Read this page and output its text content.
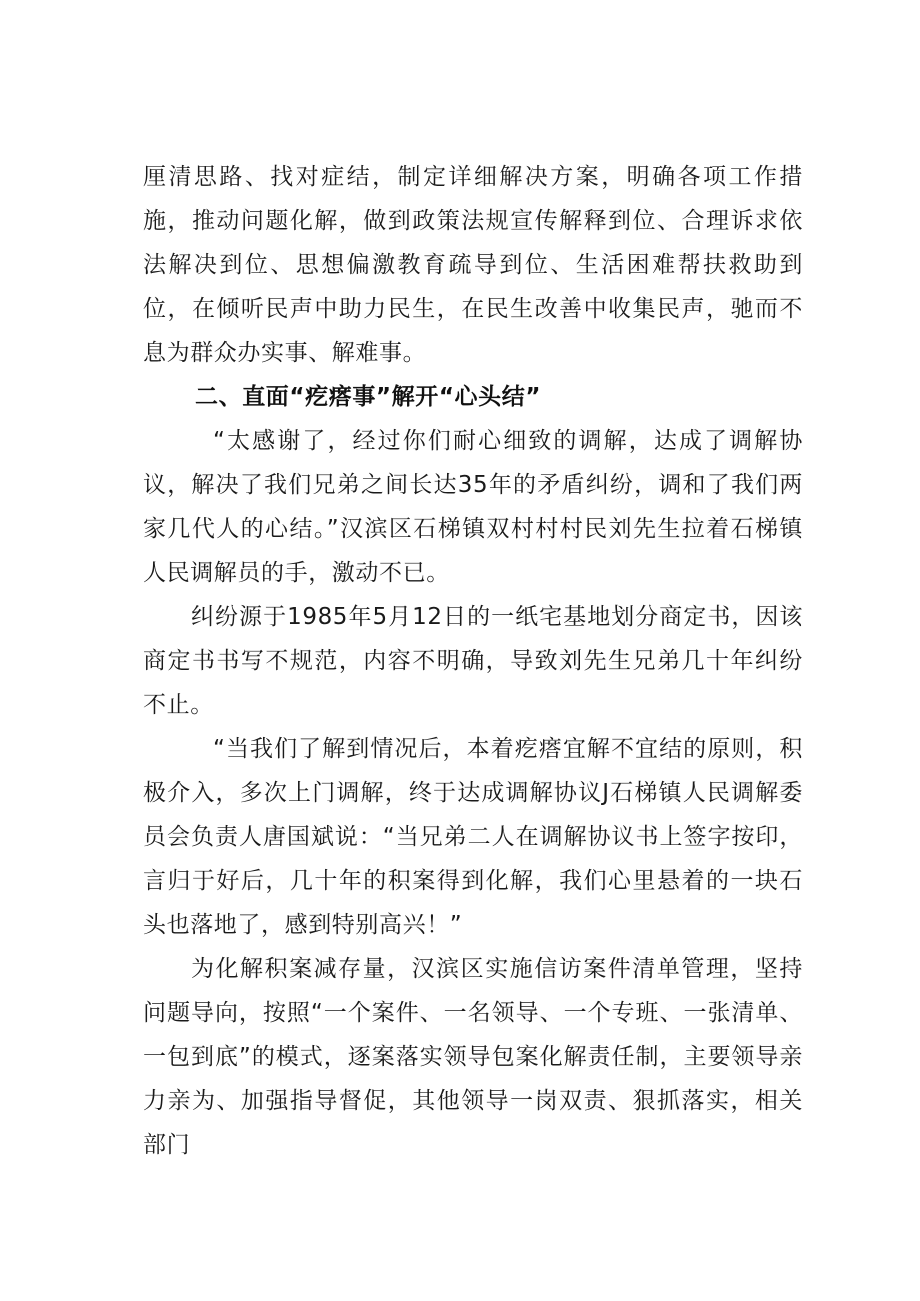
厘清思路、找对症结，制定详细解决方案，明确各项工作措施，推动问题化解，做到政策法规宣传解释到位、合理诉求依法解决到位、思想偏激教育疏导到位、生活困难帮扶救助到位，在倾听民声中助力民生，在民生改善中收集民声，驰而不息为群众办实事、解难事。

二、直面“疙瘩事”解开“心头结”

“太感谢了，经过你们耐心细致的调解，达成了调解协议，解决了我们兄弟之间长达35年的矛盾纠纷，调和了我们两家几代人的心结。”汉滨区石梯镇双村村村民刘先生拉着石梯镇人民调解员的手，激动不已。

纠纷源于1985年5月12日的一纸宅基地划分商定书，因该商定书书写不规范，内容不明确，导致刘先生兄弟几十年纠纷不止。

“当我们了解到情况后，本着疙瘩宜解不宜结的原则，积极介入，多次上门调解，终于达成调解协议J石梯镇人民调解委员会负责人唐国斌说：“当兄弟二人在调解协议书上签字按印，言归于好后，几十年的积案得到化解，我们心里悬着的一块石头也落地了，感到特别高兴！”

为化解积案减存量，汉滨区实施信访案件清单管理，坚持问题导向，按照“一个案件、一名领导、一个专班、一张清单、一包到底”的模式，逐案落实领导包案化解责任制，主要领导亲力亲为、加强指导督促，其他领导一岗双责、狠抓落实，相关部门
